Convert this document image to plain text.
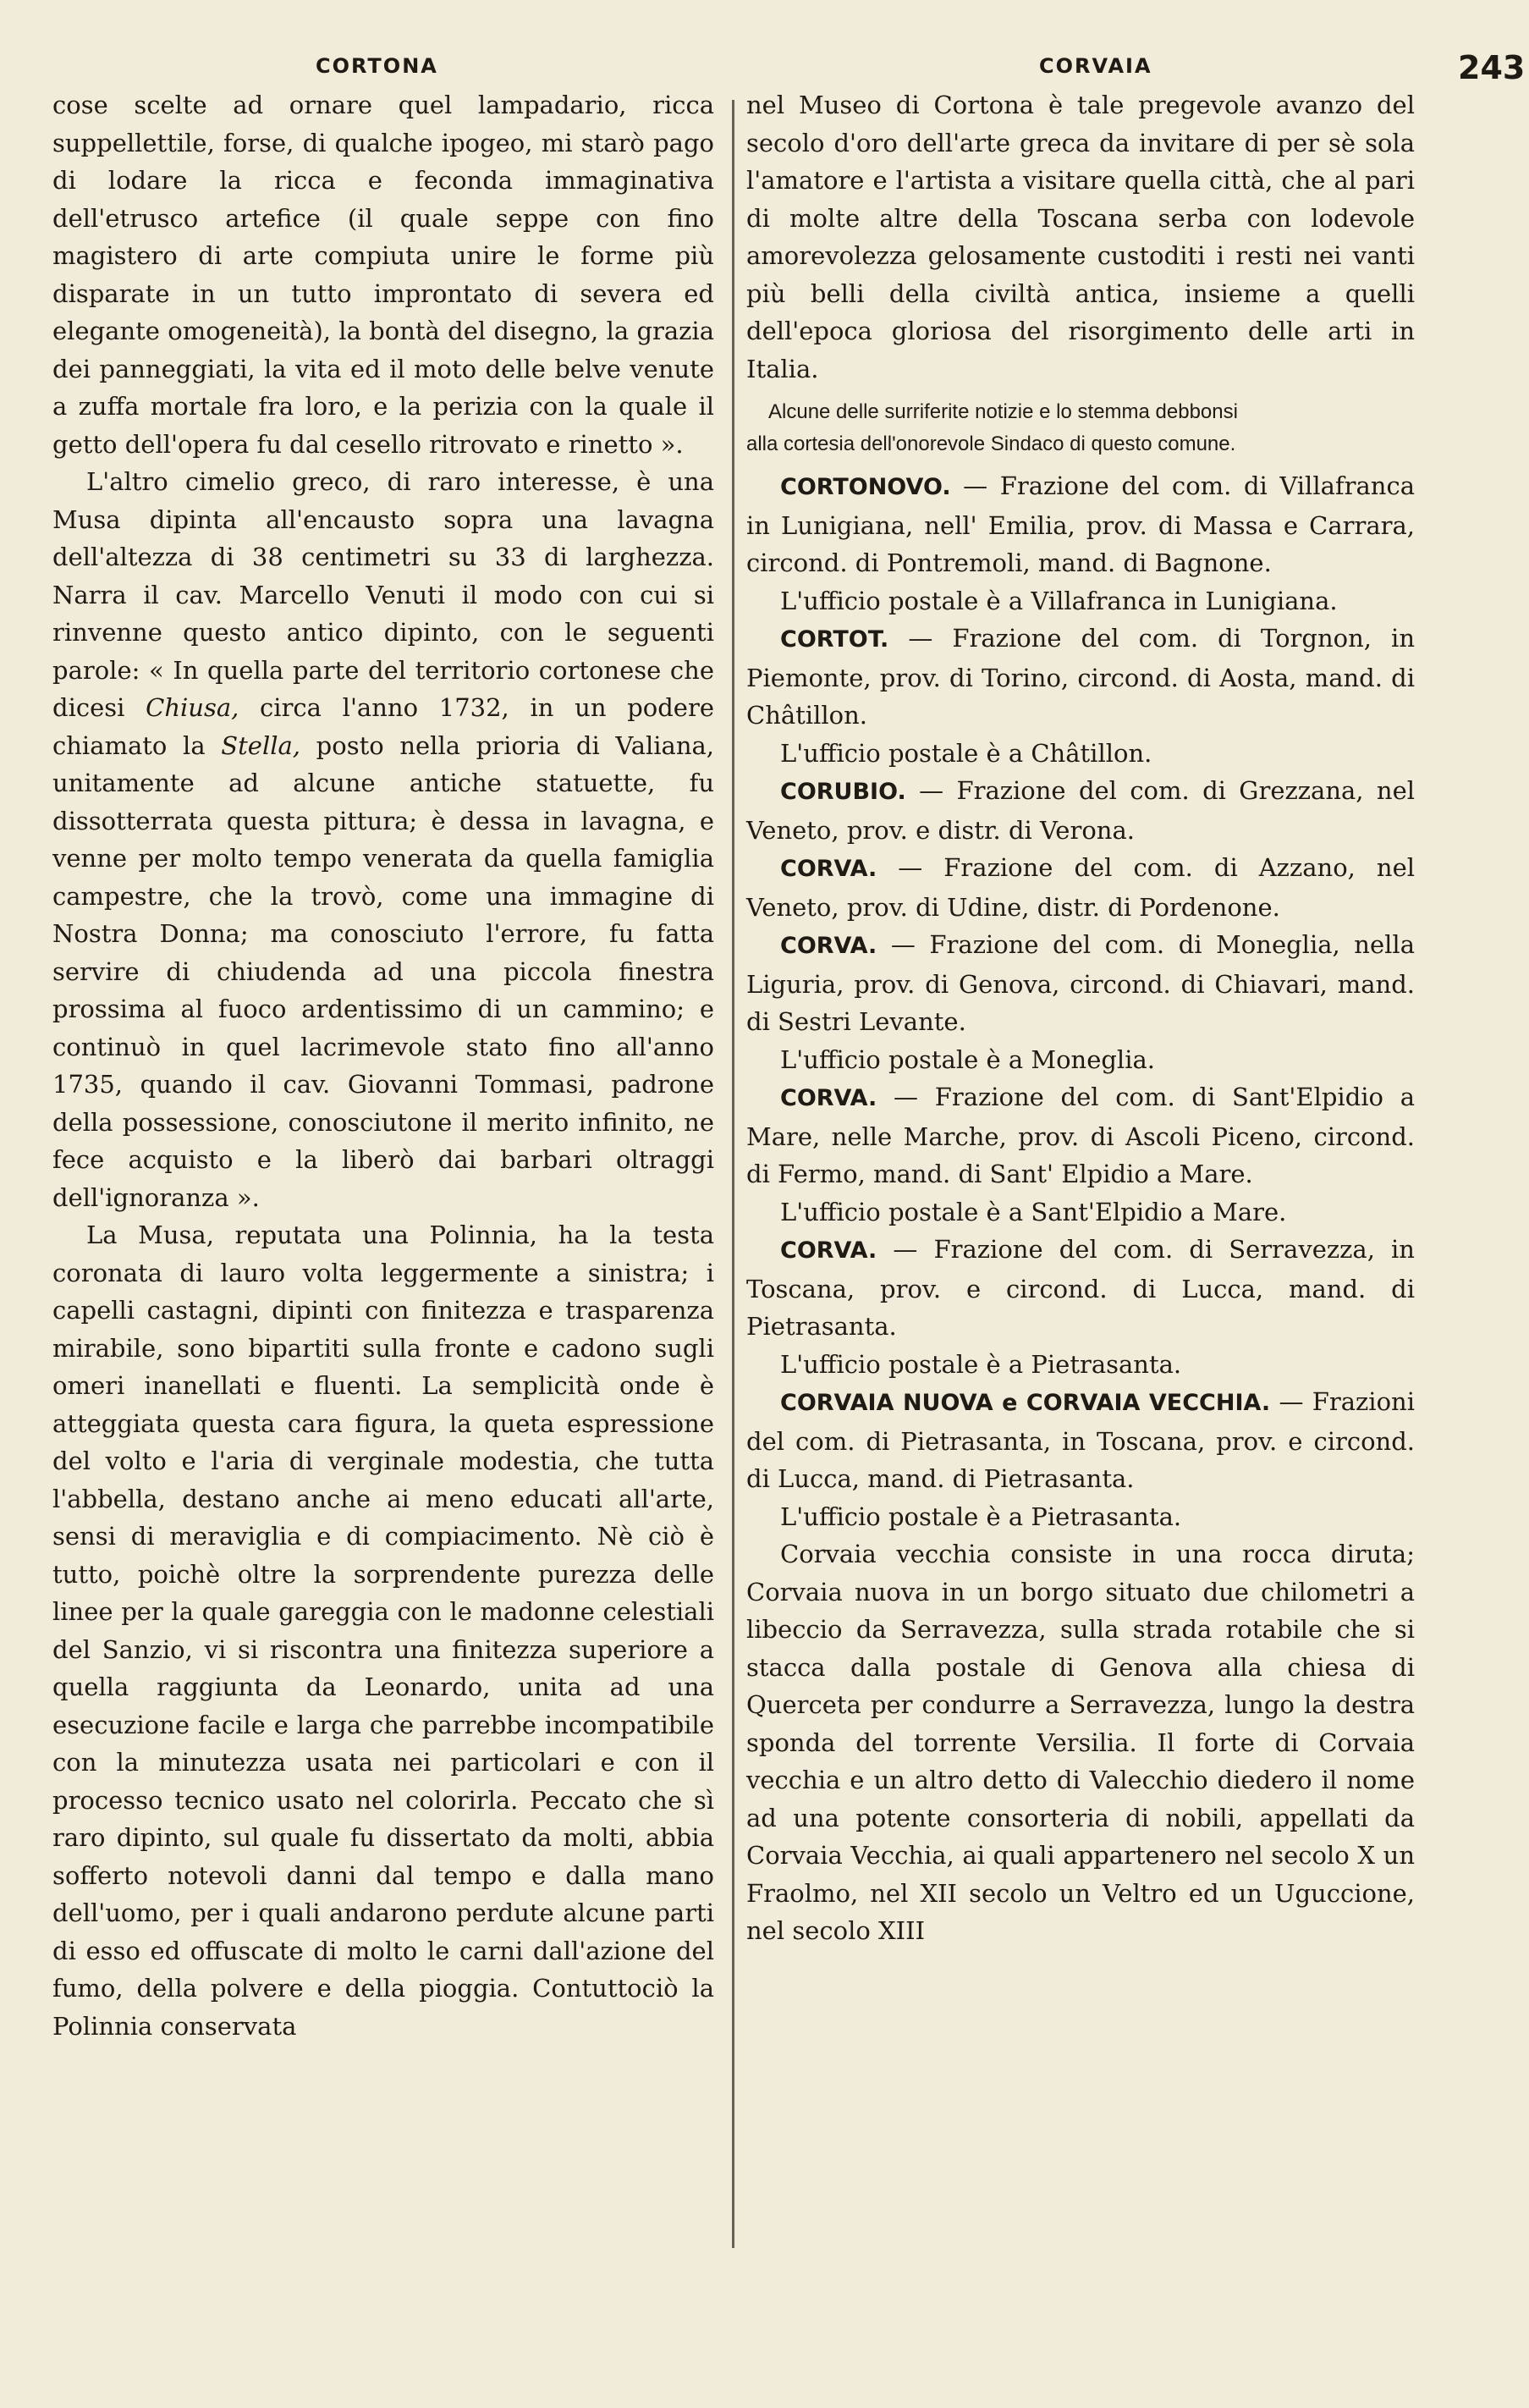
CORTONA	CORVAIA	243

cose scelte ad ornare quel lampadario, ricca suppellettile, forse, di qualche ipogeo, mi starò pago di lodare la ricca e feconda immaginativa dell'etrusco artefice (il quale seppe con fino magistero di arte compiuta unire le forme più disparate in un tutto improntato di severa ed elegante omogeneità), la bontà del disegno, la grazia dei panneggiati, la vita ed il moto delle belve venute a zuffa mortale fra loro, e la perizia con la quale il getto dell'opera fu dal cesello ritrovato e rinetto ».

L'altro cimelio greco, di raro interesse, è una Musa dipinta all'encausto sopra una lavagna dell'altezza di 38 centimetri su 33 di larghezza. Narra il cav. Marcello Venuti il modo con cui si rinvenne questo antico dipinto, con le seguenti parole: « In quella parte del territorio cortonese che dicesi Chiusa, circa l'anno 1732, in un podere chiamato la Stella, posto nella prioria di Valiana, unitamente ad alcune antiche statuette, fu dissotterrata questa pittura; è dessa in lavagna, e venne per molto tempo venerata da quella famiglia campestre, che la trovò, come una immagine di Nostra Donna; ma conosciuto l'errore, fu fatta servire di chiudenda ad una piccola finestra prossima al fuoco ardentissimo di un cammino; e continuò in quel lacrimevole stato fino all'anno 1735, quando il cav. Giovanni Tommasi, padrone della possessione, conosciutone il merito infinito, ne fece acquisto e la liberò dai barbari oltraggi dell'ignoranza ».

La Musa, reputata una Polinnia, ha la testa coronata di lauro volta leggermente a sinistra; i capelli castagni, dipinti con finitezza e trasparenza mirabile, sono bipartiti sulla fronte e cadono sugli omeri inanellati e fluenti. La semplicità onde è atteggiata questa cara figura, la queta espressione del volto e l'aria di verginale modestia, che tutta l'abbella, destano anche ai meno educati all'arte, sensi di meraviglia e di compiacimento. Nè ciò è tutto, poichè oltre la sorprendente purezza delle linee per la quale gareggia con le madonne celestiali del Sanzio, vi si riscontra una finitezza superiore a quella raggiunta da Leonardo, unita ad una esecuzione facile e larga che parrebbe incompatibile con la minutezza usata nei particolari e con il processo tecnico usato nel colorirla. Peccato che sì raro dipinto, sul quale fu dissertato da molti, abbia sofferto notevoli danni dal tempo e dalla mano dell'uomo, per i quali andarono perdute alcune parti di esso ed offuscate di molto le carni dall'azione del fumo, della polvere e della pioggia. Contuttociò la Polinnia conservata

nel Museo di Cortona è tale pregevole avanzo del secolo d'oro dell'arte greca da invitare di per sè sola l'amatore e l'artista a visitare quella città, che al pari di molte altre della Toscana serba con lodevole amorevolezza gelosamente custoditi i resti nei vanti più belli della civiltà antica, insieme a quelli dell'epoca gloriosa del risorgimento delle arti in Italia.

Alcune delle surriferite notizie e lo stemma debbonsi
alla cortesia dell'onorevole Sindaco di questo comune.

CORTONOVO. — Frazione del com. di Villafranca in Lunigiana, nell' Emilia, prov. di Massa e Carrara, circond. di Pontremoli, mand. di Bagnone.

L'ufficio postale è a Villafranca in Lunigiana.

CORTOT. — Frazione del com. di Torgnon, in Piemonte, prov. di Torino, circond. di Aosta, mand. di Châtillon.

L'ufficio postale è a Châtillon.

CORUBIO. — Frazione del com. di Grezzana, nel Veneto, prov. e distr. di Verona.

CORVA. — Frazione del com. di Azzano, nel Veneto, prov. di Udine, distr. di Pordenone.

CORVA. — Frazione del com. di Moneglia, nella Liguria, prov. di Genova, circond. di Chiavari, mand. di Sestri Levante.

L'ufficio postale è a Moneglia.

CORVA. — Frazione del com. di Sant'Elpidio a Mare, nelle Marche, prov. di Ascoli Piceno, circond. di Fermo, mand. di Sant' Elpidio a Mare.

L'ufficio postale è a Sant'Elpidio a Mare.

CORVA. — Frazione del com. di Serravezza, in Toscana, prov. e circond. di Lucca, mand. di Pietrasanta.

L'ufficio postale è a Pietrasanta.

CORVAIA NUOVA e CORVAIA VECCHIA. — Frazioni del com. di Pietrasanta, in Toscana, prov. e circond. di Lucca, mand. di Pietrasanta.

L'ufficio postale è a Pietrasanta.

Corvaia vecchia consiste in una rocca diruta; Corvaia nuova in un borgo situato due chilometri a libeccio da Serravezza, sulla strada rotabile che si stacca dalla postale di Genova alla chiesa di Querceta per condurre a Serravezza, lungo la destra sponda del torrente Versilia. Il forte di Corvaia vecchia e un altro detto di Valecchio diedero il nome ad una potente consorteria di nobili, appellati da Corvaia Vecchia, ai quali appartenero nel secolo X un Fraolmo, nel XII secolo un Veltro ed un Uguccione, nel secolo XIII
